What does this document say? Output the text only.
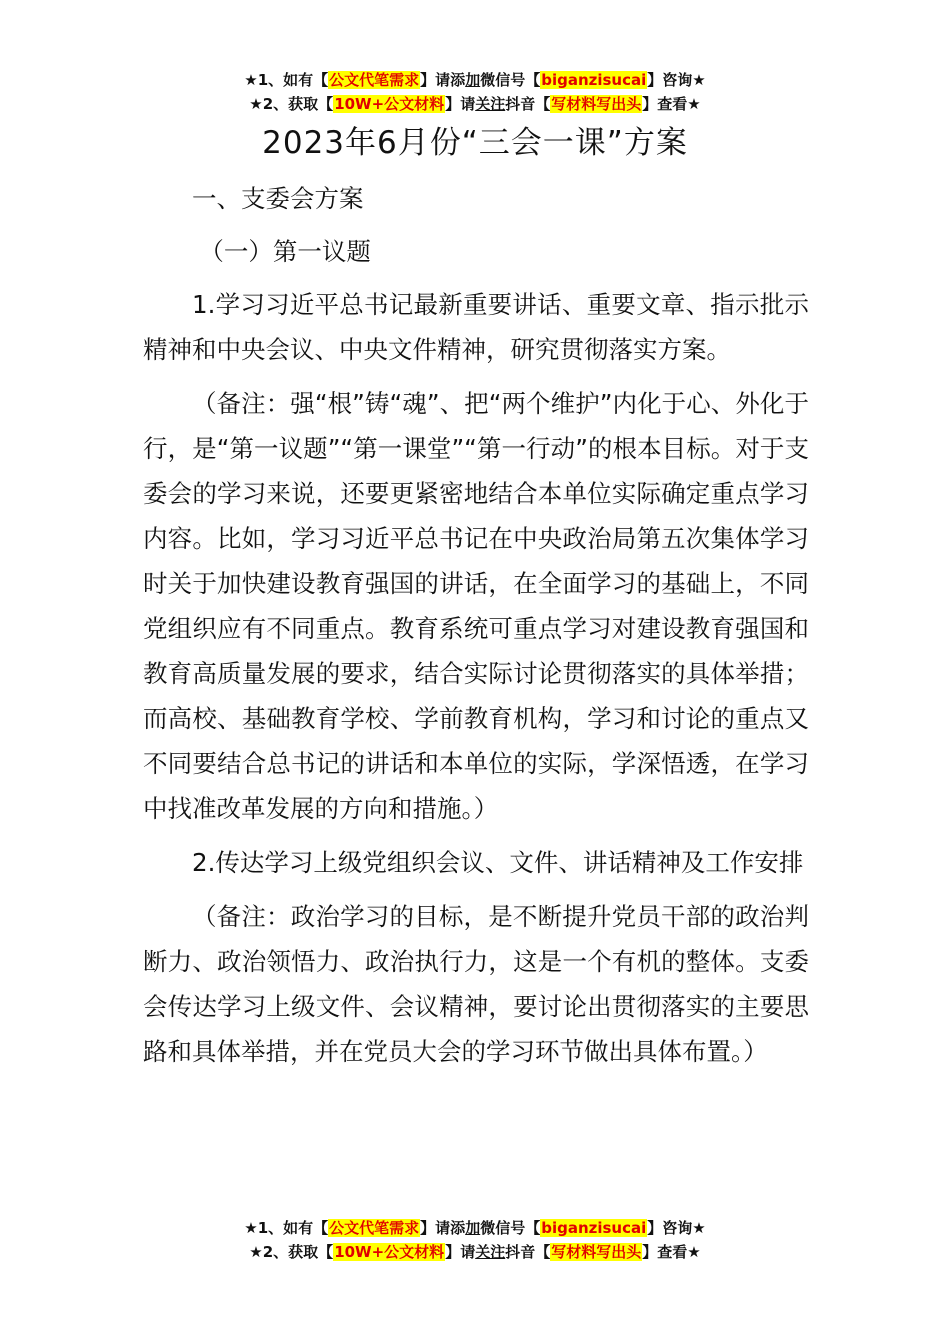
★1、如有【公文代笔需求】请添加微信号【biganzisucai】咨询★
★2、获取【10W+公文材料】请关注抖音【写材料写出头】查看★
2023年6月份“三会一课”方案

一、支委会方案

（一）第一议题

1.学习习近平总书记最新重要讲话、重要文章、指示批示精神和中央会议、中央文件精神，研究贯彻落实方案。

（备注：强“根”铸“魂”、把“两个维护”内化于心、外化于行，是“第一议题”“第一课堂”“第一行动”的根本目标。对于支委会的学习来说，还要更紧密地结合本单位实际确定重点学习内容。比如，学习习近平总书记在中央政治局第五次集体学习时关于加快建设教育强国的讲话，在全面学习的基础上，不同党组织应有不同重点。教育系统可重点学习对建设教育强国和教育高质量发展的要求，结合实际讨论贯彻落实的具体举措；而高校、基础教育学校、学前教育机构，学习和讨论的重点又不同要结合总书记的讲话和本单位的实际，学深悟透，在学习中找准改革发展的方向和措施。）

2.传达学习上级党组织会议、文件、讲话精神及工作安排

（备注：政治学习的目标，是不断提升党员干部的政治判断力、政治领悟力、政治执行力，这是一个有机的整体。支委会传达学习上级文件、会议精神，要讨论出贯彻落实的主要思路和具体举措，并在党员大会的学习环节做出具体布置。）

★1、如有【公文代笔需求】请添加微信号【biganzisucai】咨询★
★2、获取【10W+公文材料】请关注抖音【写材料写出头】查看★
